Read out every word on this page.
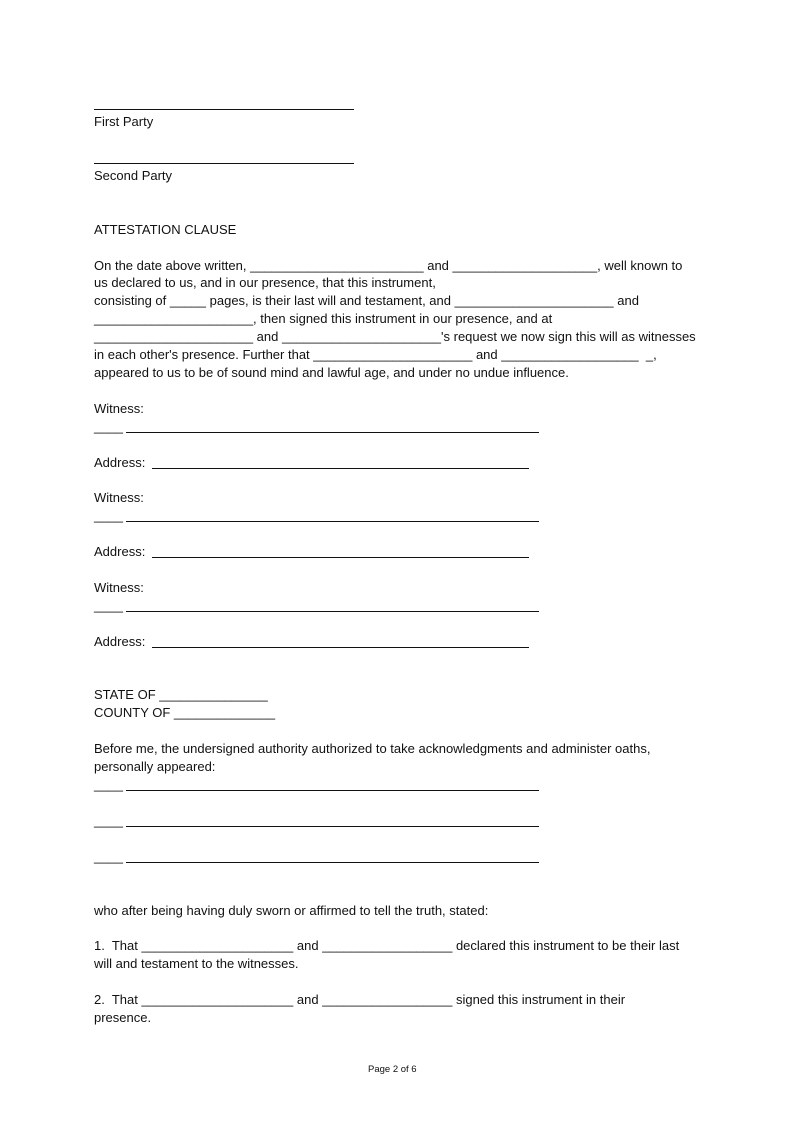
First Party
Second Party
ATTESTATION CLAUSE
On the date above written, ________________________ and ____________________, well known to
us declared to us, and in our presence, that this instrument,
consisting of _____ pages, is their last will and testament, and ______________________ and
______________________, then signed this instrument in our presence, and at
______________________ and ______________________'s request we now sign this will as witnesses
in each other's presence. Further that ______________________ and ___________________  _,
appeared to us to be of sound mind and lawful age, and under no undue influence.
Witness:
____
Address:
Witness:
____
Address:
Witness:
____
Address:
STATE OF _______________
COUNTY OF ______________
Before me, the undersigned authority authorized to take acknowledgments and administer oaths,
personally appeared:
____
____
____
who after being having duly sworn or affirmed to tell the truth, stated:
1.  That _____________________ and __________________ declared this instrument to be their last
will and testament to the witnesses.
2.  That _____________________ and __________________ signed this instrument in their
presence.
Page 2 of 6
